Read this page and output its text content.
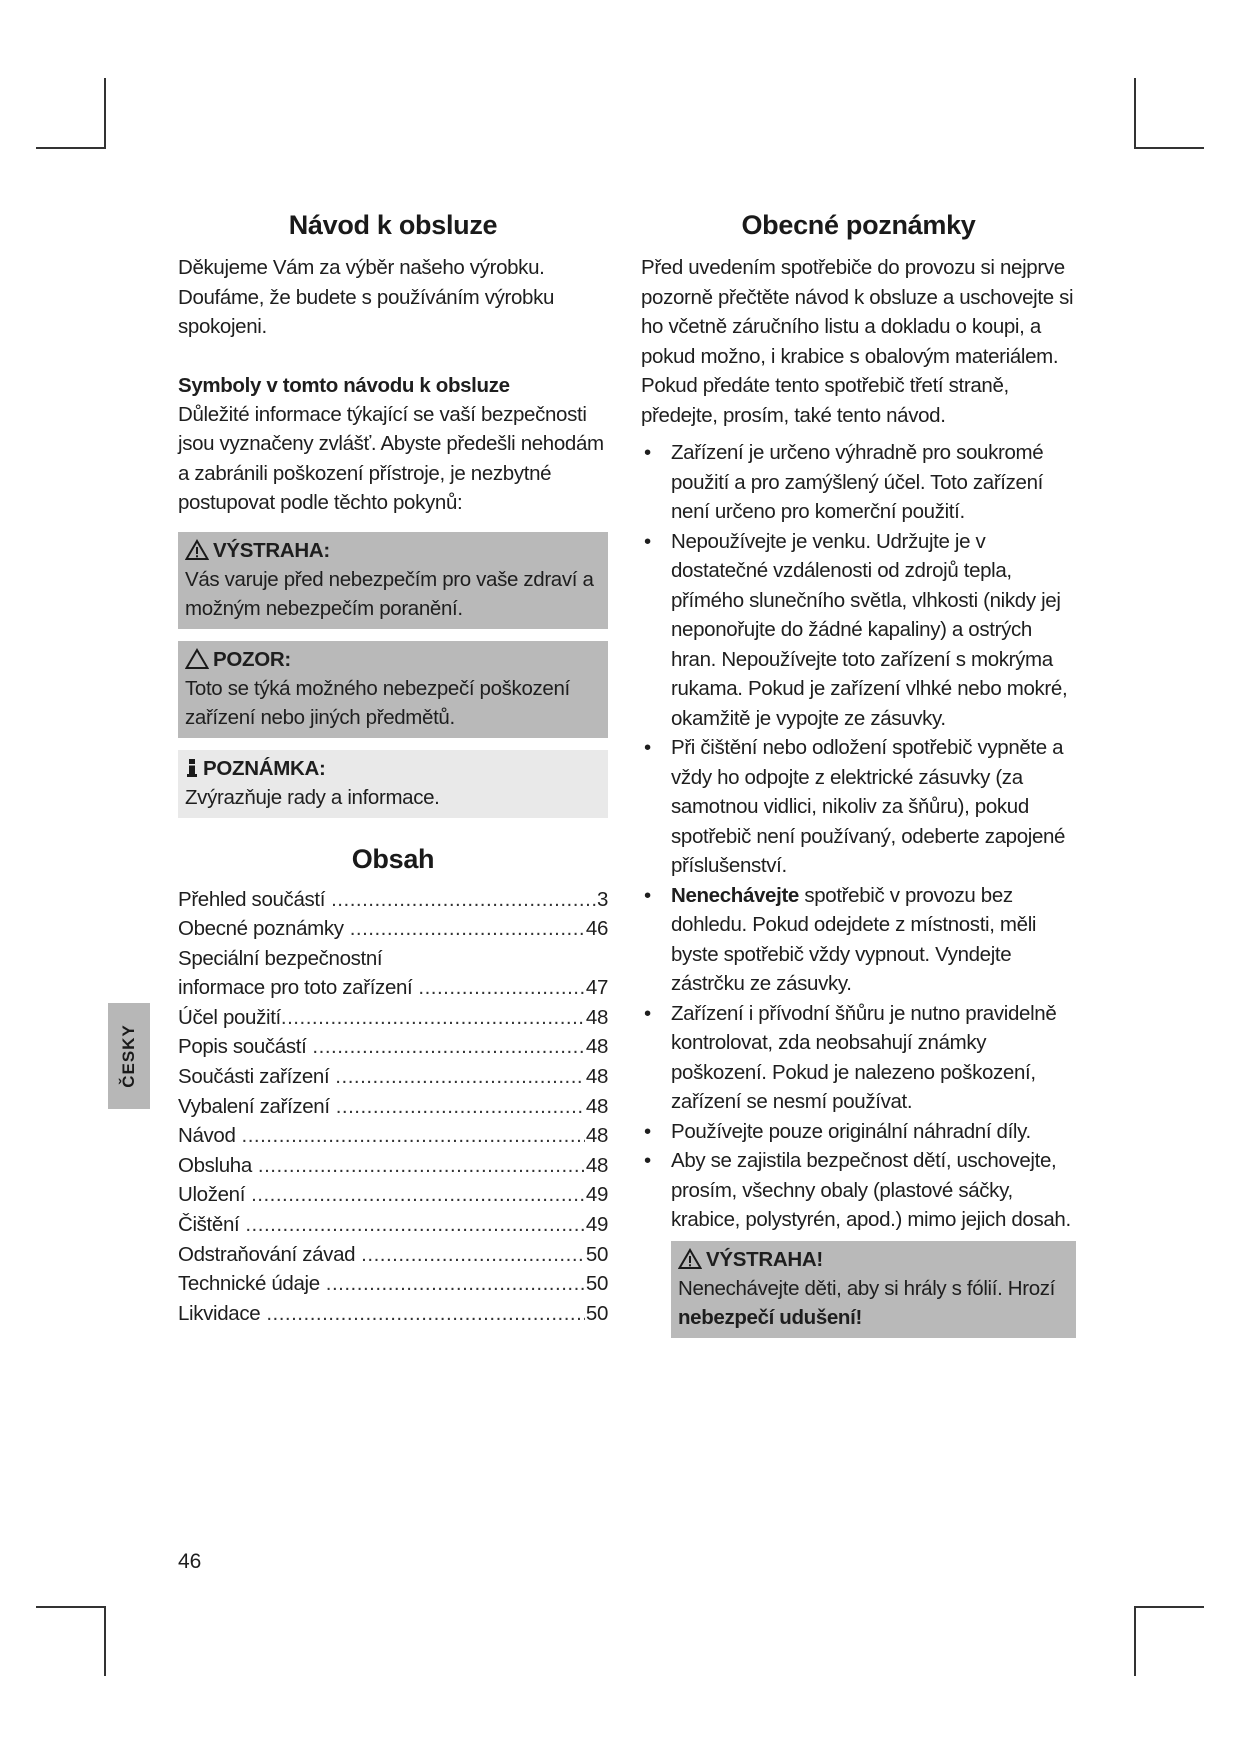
Návod k obsluze

Děkujeme Vám za výběr našeho výrobku. Doufáme, že budete s používáním výrobku spokojeni.

Symboly v tomto návodu k obsluze

Důležité informace týkající se vaší bezpečnosti jsou vyznačeny zvlášť. Abyste předešli nehodám a zabránili poškození přístroje, je nezbytné postupovat podle těchto pokynů:

VÝSTRAHA:
Vás varuje před nebezpečím pro vaše zdraví a možným nebezpečím poranění.
POZOR:
Toto se týká možného nebezpečí poškození zařízení nebo jiných předmětů.
POZNÁMKA:
Zvýrazňuje rady a informace.
Obsah
Přehled součástí .....	3
Obecné poznámky .....	46
Speciální bezpečnostní
informace pro toto zařízení .....	47
Účel použití .....	48
Popis součástí .....	48
Součásti zařízení .....	48
Vybalení zařízení .....	48
Návod .....	48
Obsluha .....	48
Uložení .....	49
Čištění .....	49
Odstraňování závad .....	50
Technické údaje .....	50
Likvidace .....	50
Obecné poznámky

Před uvedením spotřebiče do provozu si nejprve pozorně přečtěte návod k obsluze a uschovejte si ho včetně záručního listu a dokladu o koupi, a pokud možno, i krabice s obalovým materiálem. Pokud předáte tento spotřebič třetí straně, předejte, prosím, také tento návod.

• Zařízení je určeno výhradně pro soukromé použití a pro zamýšlený účel. Toto zařízení není určeno pro komerční použití.
• Nepoužívejte je venku. Udržujte je v dostatečné vzdálenosti od zdrojů tepla, přímého slunečního světla, vlhkosti (nikdy jej neponořujte do žádné kapaliny) a ostrých hran. Nepoužívejte toto zařízení s mokrýma rukama. Pokud je zařízení vlhké nebo mokré, okamžitě je vypojte ze zásuvky.
• Při čištění nebo odložení spotřebič vypněte a vždy ho odpojte z elektrické zásuvky (za samotnou vidlici, nikoliv za šňůru), pokud spotřebič není používaný, odeberte zapojené příslušenství.
• Nenechávejte spotřebič v provozu bez dohledu. Pokud odejdete z místnosti, měli byste spotřebič vždy vypnout. Vyndejte zástrčku ze zásuvky.
• Zařízení i přívodní šňůru je nutno pravidelně kontrolovat, zda neobsahují známky poškození. Pokud je nalezeno poškození, zařízení se nesmí používat.
• Používejte pouze originální náhradní díly.
• Aby se zajistila bezpečnost dětí, uschovejte, prosím, všechny obaly (plastové sáčky, krabice, polystyrén, apod.) mimo jejich dosah.
VÝSTRAHA!
Nenechávejte děti, aby si hrály s fólií. Hrozí nebezpečí udušení!
ČESKY
46
